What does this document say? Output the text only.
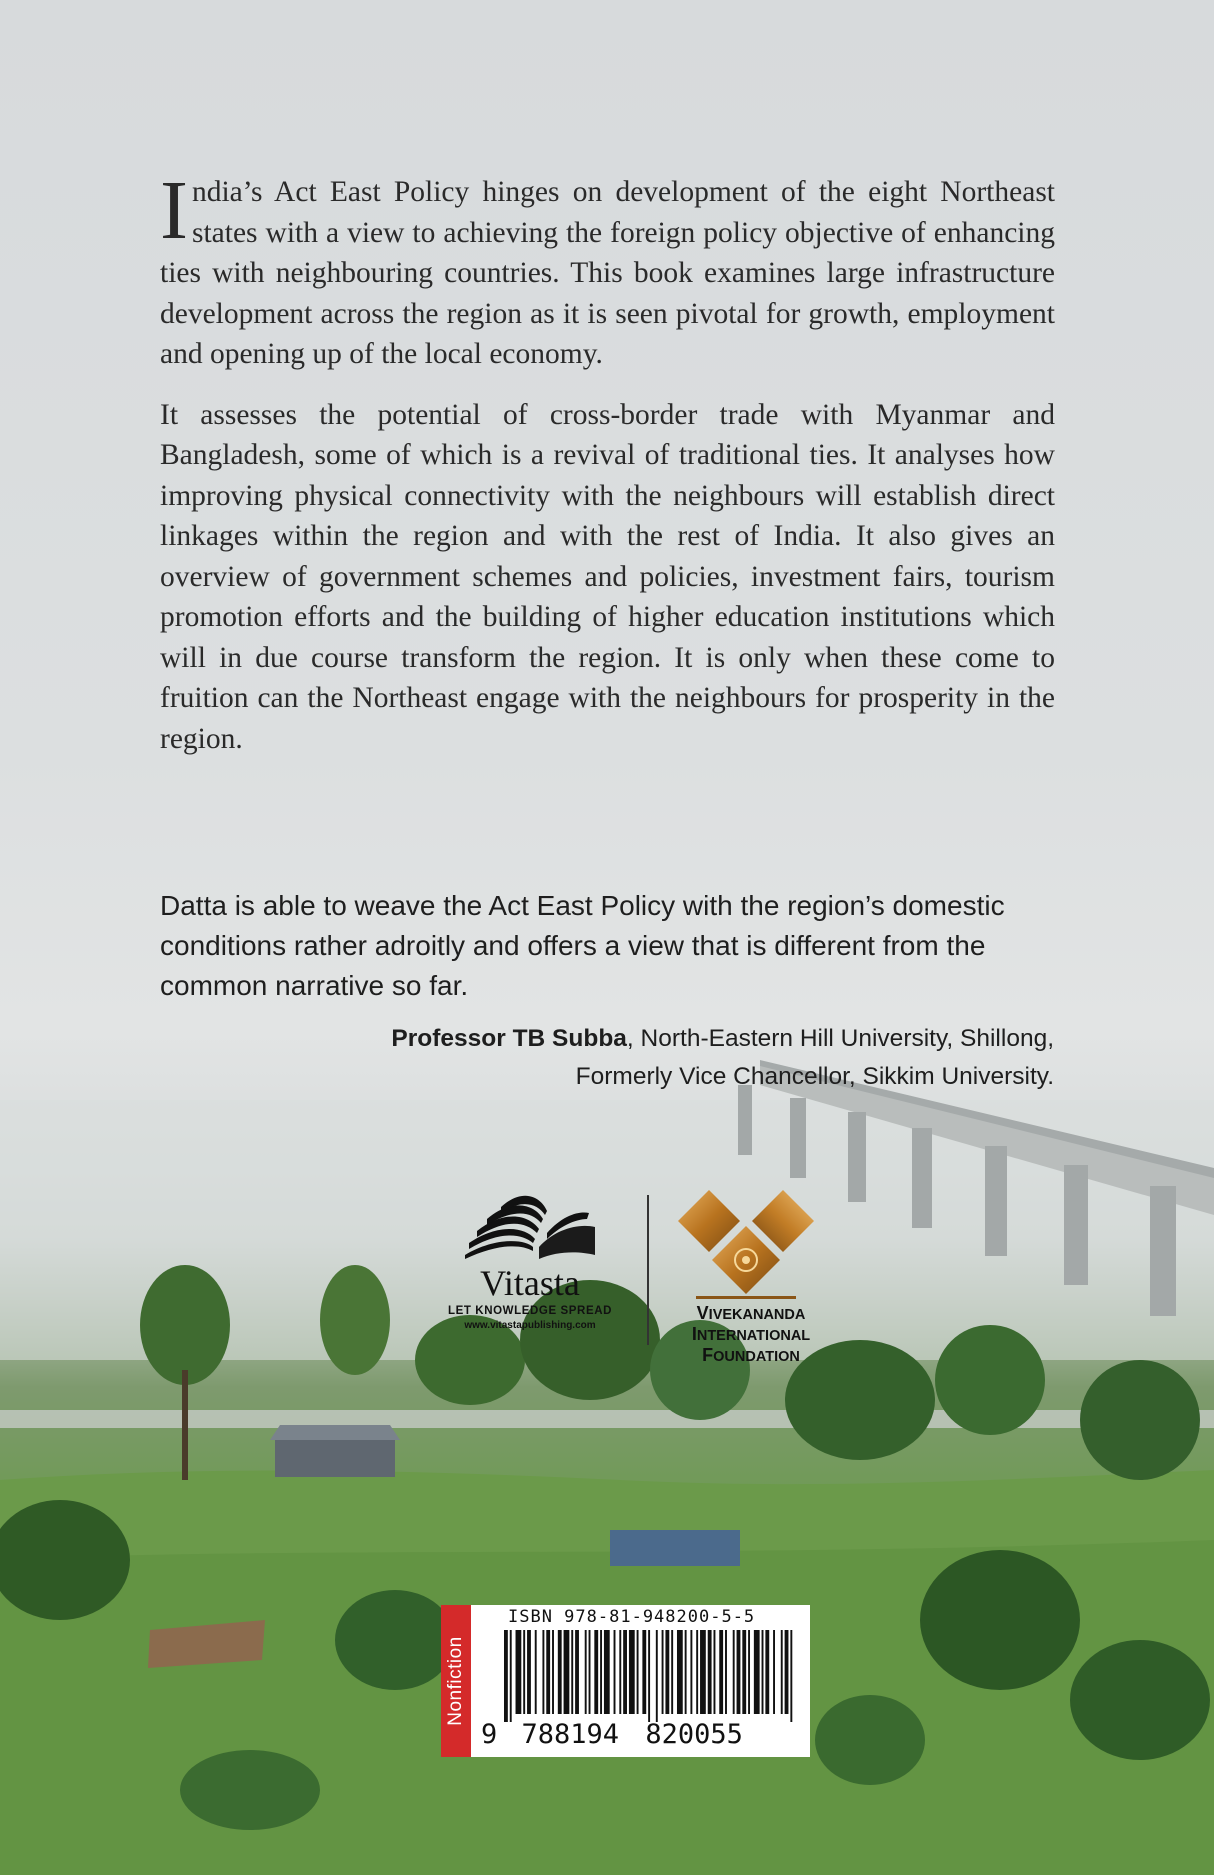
India’s Act East Policy hinges on development of the eight Northeast states with a view to achieving the foreign policy objective of enhancing ties with neighbouring countries. This book examines large infrastructure development across the region as it is seen pivotal for growth, employment and opening up of the local economy.

It assesses the potential of cross-border trade with Myanmar and Bangladesh, some of which is a revival of traditional ties. It analyses how improving physical connectivity with the neighbours will establish direct linkages within the region and with the rest of India. It also gives an overview of government schemes and policies, investment fairs, tourism promotion efforts and the building of higher education institutions which will in due course transform the region. It is only when these come to fruition can the Northeast engage with the neighbours for prosperity in the region.

Datta is able to weave the Act East Policy with the region’s domestic conditions rather adroitly and offers a view that is different from the common narrative so far.

Professor TB Subba, North-Eastern Hill University, Shillong,
Formerly Vice Chancellor, Sikkim University.
Vitasta
LET KNOWLEDGE SPREAD
www.vitastapublishing.com
VIVEKANANDA
INTERNATIONAL
FOUNDATION
Nonfiction
ISBN 978-81-948200-5-5
9 788194 820055
